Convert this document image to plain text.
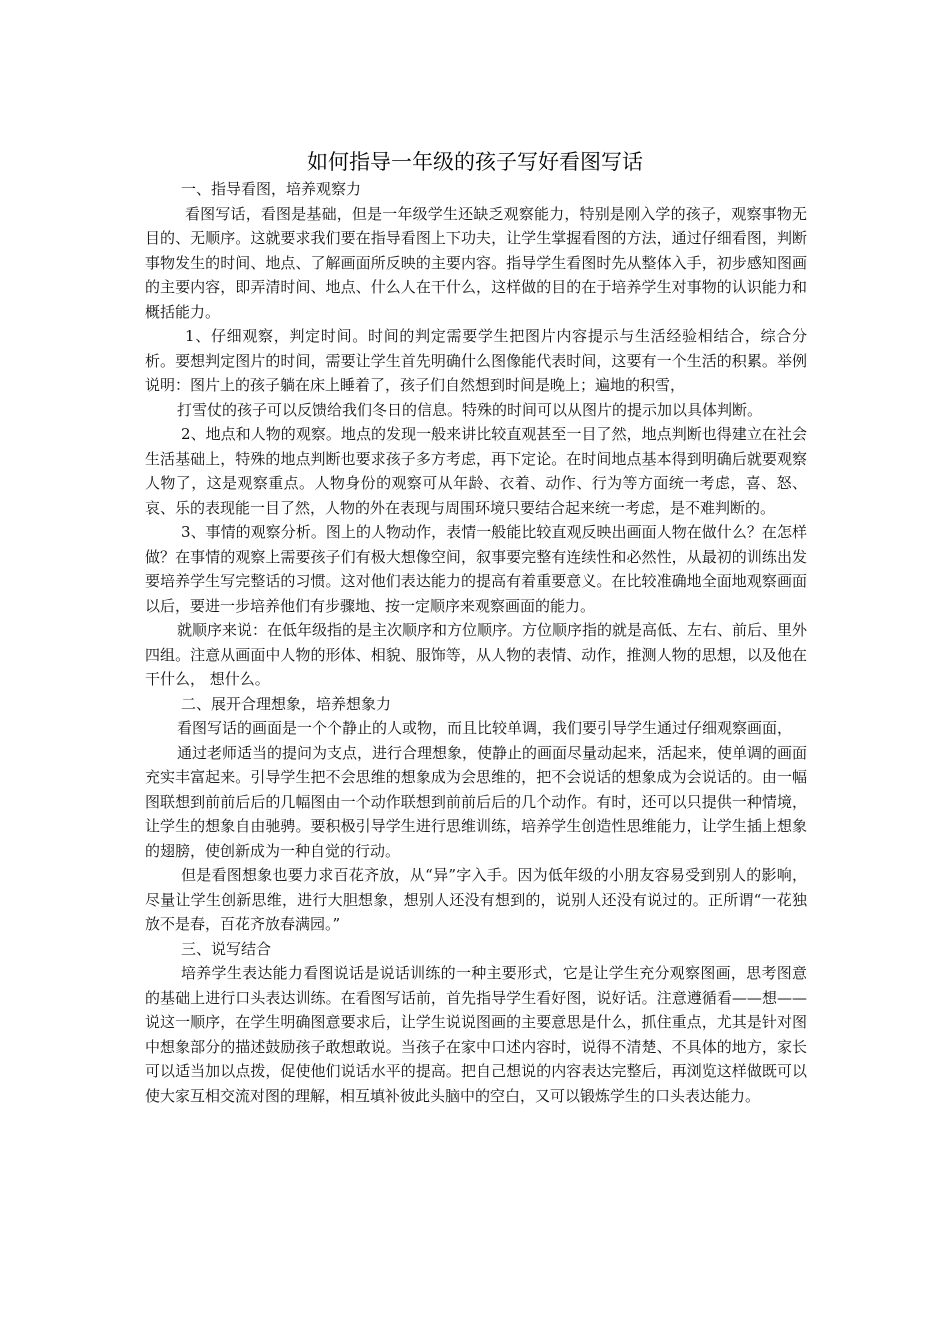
如何指导一年级的孩子写好看图写话

一、指导看图，培养观察力

看图写话，看图是基础，但是一年级学生还缺乏观察能力，特别是刚入学的孩子，观察事物无目的、无顺序。这就要求我们要在指导看图上下功夫，让学生掌握看图的方法，通过仔细看图，判断事物发生的时间、地点、了解画面所反映的主要内容。指导学生看图时先从整体入手，初步感知图画的主要内容，即弄清时间、地点、什么人在干什么，这样做的目的在于培养学生对事物的认识能力和概括能力。

1、仔细观察，判定时间。时间的判定需要学生把图片内容提示与生活经验相结合，综合分析。要想判定图片的时间，需要让学生首先明确什么图像能代表时间，这要有一个生活的积累。举例说明：图片上的孩子躺在床上睡着了，孩子们自然想到时间是晚上；遍地的积雪，

打雪仗的孩子可以反馈给我们冬日的信息。特殊的时间可以从图片的提示加以具体判断。

2、地点和人物的观察。地点的发现一般来讲比较直观甚至一目了然，地点判断也得建立在社会生活基础上，特殊的地点判断也要求孩子多方考虑，再下定论。在时间地点基本得到明确后就要观察人物了，这是观察重点。人物身份的观察可从年龄、衣着、动作、行为等方面统一考虑，喜、怒、哀、乐的表现能一目了然，人物的外在表现与周围环境只要结合起来统一考虑，是不难判断的。

3、事情的观察分析。图上的人物动作，表情一般能比较直观反映出画面人物在做什么？在怎样做？在事情的观察上需要孩子们有极大想像空间，叙事要完整有连续性和必然性，从最初的训练出发要培养学生写完整话的习惯。这对他们表达能力的提高有着重要意义。在比较准确地全面地观察画面以后，要进一步培养他们有步骤地、按一定顺序来观察画面的能力。

就顺序来说：在低年级指的是主次顺序和方位顺序。方位顺序指的就是高低、左右、前后、里外四组。注意从画面中人物的形体、相貌、服饰等，从人物的表情、动作，推测人物的思想，以及他在干什么， 想什么。

二、展开合理想象，培养想象力

看图写话的画面是一个个静止的人或物，而且比较单调，我们要引导学生通过仔细观察画面，

通过老师适当的提问为支点，进行合理想象，使静止的画面尽量动起来，活起来，使单调的画面充实丰富起来。引导学生把不会思维的想象成为会思维的，把不会说话的想象成为会说话的。由一幅图联想到前前后后的几幅图由一个动作联想到前前后后的几个动作。有时，还可以只提供一种情境，让学生的想象自由驰骋。要积极引导学生进行思维训练，培养学生创造性思维能力，让学生插上想象的翅膀，使创新成为一种自觉的行动。

但是看图想象也要力求百花齐放，从“异”字入手。因为低年级的小朋友容易受到别人的影响，尽量让学生创新思维，进行大胆想象，想别人还没有想到的，说别人还没有说过的。正所谓“一花独放不是春，百花齐放春满园。”

三、说写结合

培养学生表达能力看图说话是说话训练的一种主要形式，它是让学生充分观察图画，思考图意的基础上进行口头表达训练。在看图写话前，首先指导学生看好图，说好话。注意遵循看——想——说这一顺序，在学生明确图意要求后，让学生说说图画的主要意思是什么，抓住重点，尤其是针对图中想象部分的描述鼓励孩子敢想敢说。当孩子在家中口述内容时，说得不清楚、不具体的地方，家长可以适当加以点拨，促使他们说话水平的提高。把自己想说的内容表达完整后，再浏览这样做既可以使大家互相交流对图的理解，相互填补彼此头脑中的空白，又可以锻炼学生的口头表达能力。
